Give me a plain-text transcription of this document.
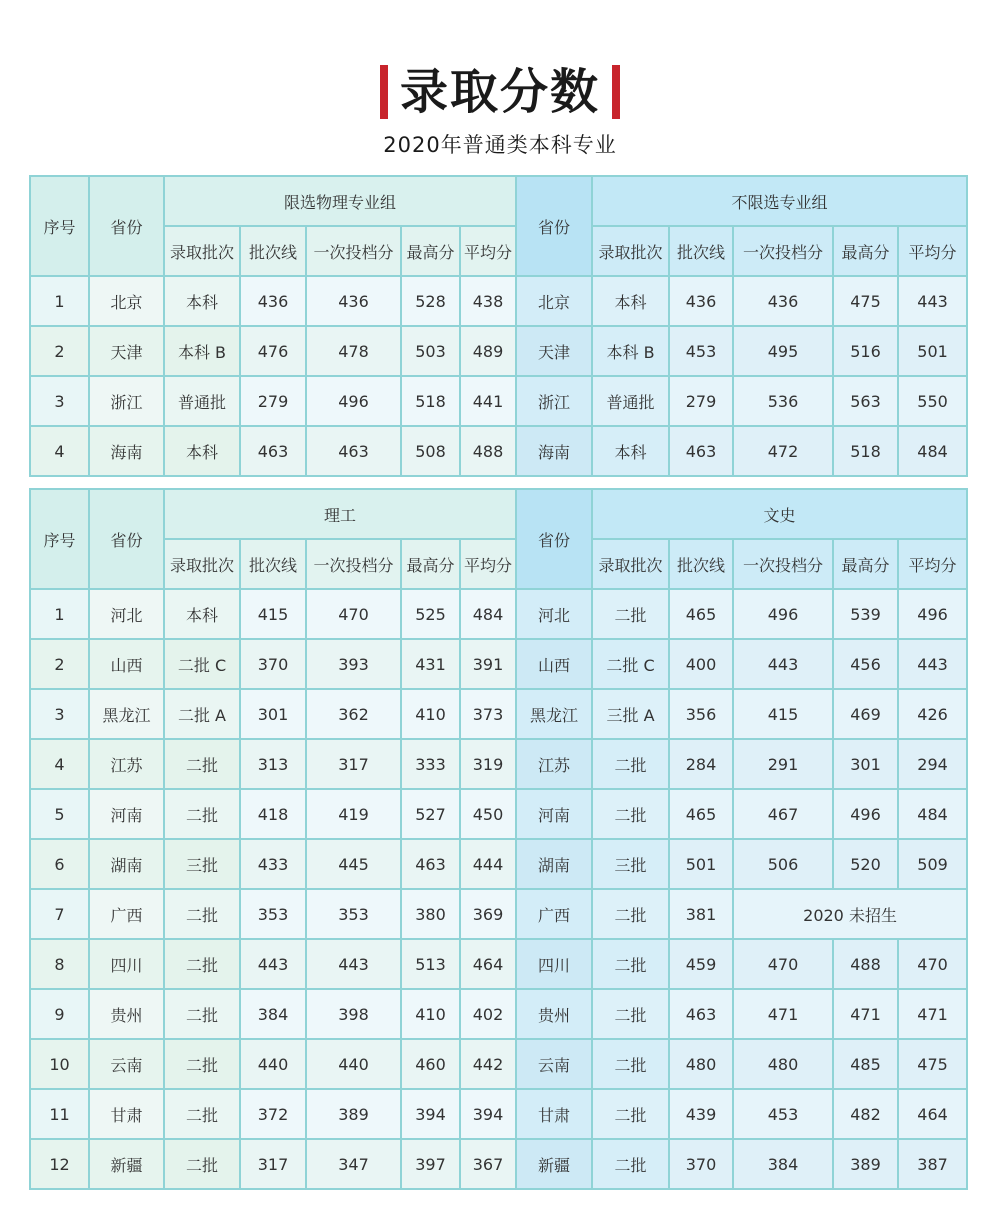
录取分数
2020年普通类本科专业
序号	省份	限选物理专业组					省份	不限选专业组				
		录取批次	批次线	一次投档分	最高分	平均分		录取批次	批次线	一次投档分	最高分	平均分
1	北京	本科	436	436	528	438	北京	本科	436	436	475	443
2	天津	本科 B	476	478	503	489	天津	本科 B	453	495	516	501
3	浙江	普通批	279	496	518	441	浙江	普通批	279	536	563	550
4	海南	本科	463	463	508	488	海南	本科	463	472	518	484
序号	省份	理工					省份	文史				
		录取批次	批次线	一次投档分	最高分	平均分		录取批次	批次线	一次投档分	最高分	平均分
1	河北	本科	415	470	525	484	河北	二批	465	496	539	496
2	山西	二批 C	370	393	431	391	山西	二批 C	400	443	456	443
3	黑龙江	二批 A	301	362	410	373	黑龙江	三批 A	356	415	469	426
4	江苏	二批	313	317	333	319	江苏	二批	284	291	301	294
5	河南	二批	418	419	527	450	河南	二批	465	467	496	484
6	湖南	三批	433	445	463	444	湖南	三批	501	506	520	509
7	广西	二批	353	353	380	369	广西	二批	381	2020 未招生		
8	四川	二批	443	443	513	464	四川	二批	459	470	488	470
9	贵州	二批	384	398	410	402	贵州	二批	463	471	471	471
10	云南	二批	440	440	460	442	云南	二批	480	480	485	475
11	甘肃	二批	372	389	394	394	甘肃	二批	439	453	482	464
12	新疆	二批	317	347	397	367	新疆	二批	370	384	389	387
